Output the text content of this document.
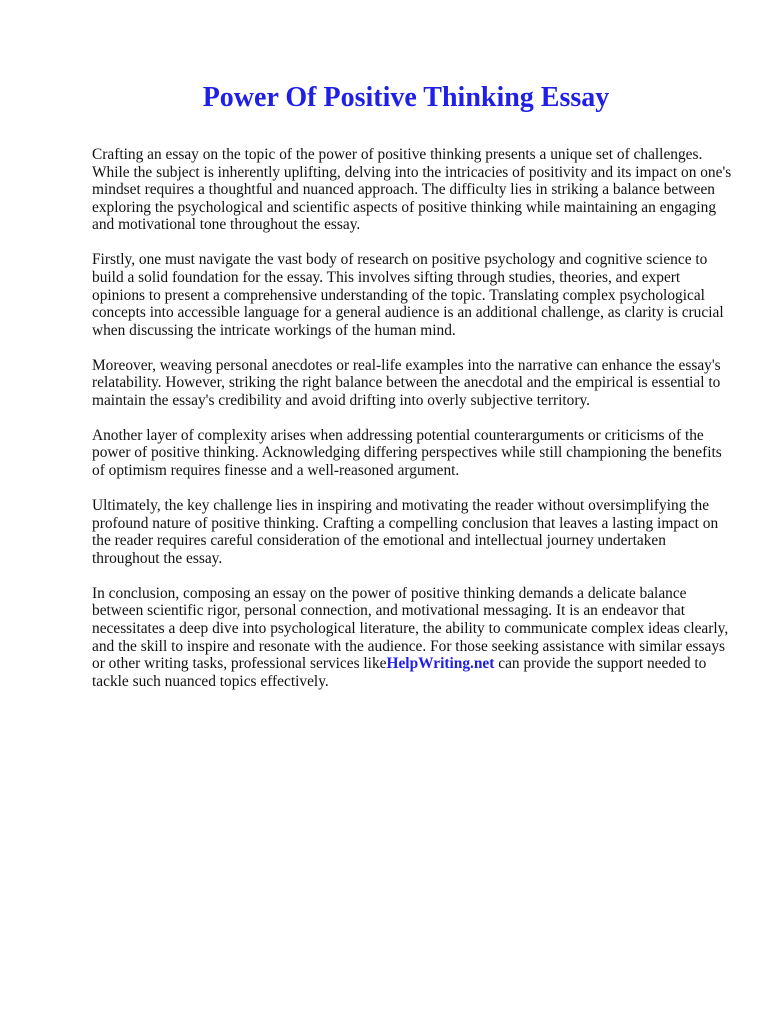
Power Of Positive Thinking Essay

Crafting an essay on the topic of the power of positive thinking presents a unique set of challenges. While the subject is inherently uplifting, delving into the intricacies of positivity and its impact on one's mindset requires a thoughtful and nuanced approach. The difficulty lies in striking a balance between exploring the psychological and scientific aspects of positive thinking while maintaining an engaging and motivational tone throughout the essay.

Firstly, one must navigate the vast body of research on positive psychology and cognitive science to build a solid foundation for the essay. This involves sifting through studies, theories, and expert opinions to present a comprehensive understanding of the topic. Translating complex psychological concepts into accessible language for a general audience is an additional challenge, as clarity is crucial when discussing the intricate workings of the human mind.

Moreover, weaving personal anecdotes or real-life examples into the narrative can enhance the essay's relatability. However, striking the right balance between the anecdotal and the empirical is essential to maintain the essay's credibility and avoid drifting into overly subjective territory.

Another layer of complexity arises when addressing potential counterarguments or criticisms of the power of positive thinking. Acknowledging differing perspectives while still championing the benefits of optimism requires finesse and a well-reasoned argument.

Ultimately, the key challenge lies in inspiring and motivating the reader without oversimplifying the profound nature of positive thinking. Crafting a compelling conclusion that leaves a lasting impact on the reader requires careful consideration of the emotional and intellectual journey undertaken throughout the essay.

In conclusion, composing an essay on the power of positive thinking demands a delicate balance between scientific rigor, personal connection, and motivational messaging. It is an endeavor that necessitates a deep dive into psychological literature, the ability to communicate complex ideas clearly, and the skill to inspire and resonate with the audience. For those seeking assistance with similar essays or other writing tasks, professional services likeHelpWriting.net can provide the support needed to tackle such nuanced topics effectively.
